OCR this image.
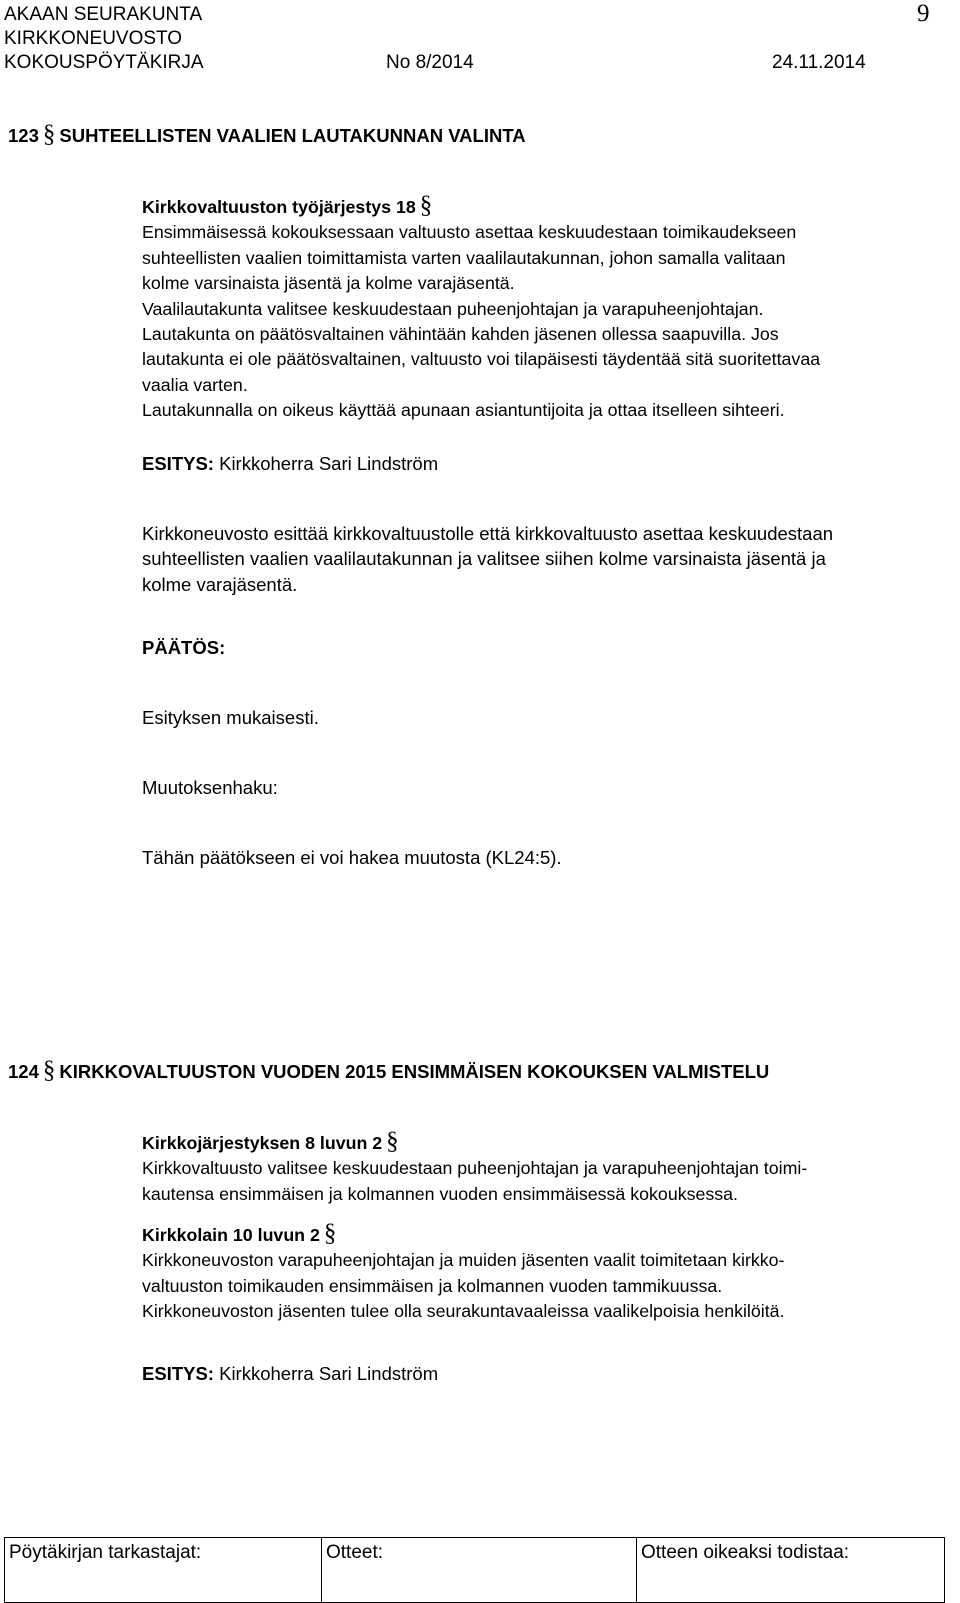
AKAAN SEURAKUNTA
KIRKKONEUVOSTO
KOKOUSPÖYTÄKIRJA	No 8/2014	24.11.2014
9
123 § SUHTEELLISTEN VAALIEN LAUTAKUNNAN VALINTA

Kirkkovaltuuston työjärjestys 18 §

Ensimmäisessä kokouksessaan valtuusto asettaa keskuudestaan toimikaudekseen

suhteellisten vaalien toimittamista varten vaalilautakunnan, johon samalla valitaan

kolme varsinaista jäsentä ja kolme varajäsentä.

Vaalilautakunta valitsee keskuudestaan puheenjohtajan ja varapuheenjohtajan.

Lautakunta on päätösvaltainen vähintään kahden jäsenen ollessa saapuvilla. Jos

lautakunta ei ole päätösvaltainen, valtuusto voi tilapäisesti täydentää sitä suoritettavaa

vaalia varten.

Lautakunnalla on oikeus käyttää apunaan asiantuntijoita ja ottaa itselleen sihteeri.

ESITYS: Kirkkoherra Sari Lindström

Kirkkoneuvosto esittää kirkkovaltuustolle että kirkkovaltuusto asettaa keskuudestaan

suhteellisten vaalien vaalilautakunnan ja valitsee siihen kolme varsinaista jäsentä ja

kolme varajäsentä.

PÄÄTÖS:
Esityksen mukaisesti.
Muutoksenhaku:
Tähän päätökseen ei voi hakea muutosta (KL24:5).
124 § KIRKKOVALTUUSTON VUODEN 2015 ENSIMMÄISEN KOKOUKSEN VALMISTELU

Kirkkojärjestyksen 8 luvun 2 §

Kirkkovaltuusto valitsee keskuudestaan puheenjohtajan ja varapuheenjohtajan toimi-

kautensa ensimmäisen ja kolmannen vuoden ensimmäisessä kokouksessa.

Kirkkolain 10 luvun 2 §

Kirkkoneuvoston varapuheenjohtajan ja muiden jäsenten vaalit toimitetaan kirkko-

valtuuston toimikauden ensimmäisen ja kolmannen vuoden tammikuussa.

Kirkkoneuvoston jäsenten tulee olla seurakuntavaaleissa vaalikelpoisia henkilöitä.

ESITYS: Kirkkoherra Sari Lindström
Pöytäkirjan tarkastajat:	Otteet:	Otteen oikeaksi todistaa:
